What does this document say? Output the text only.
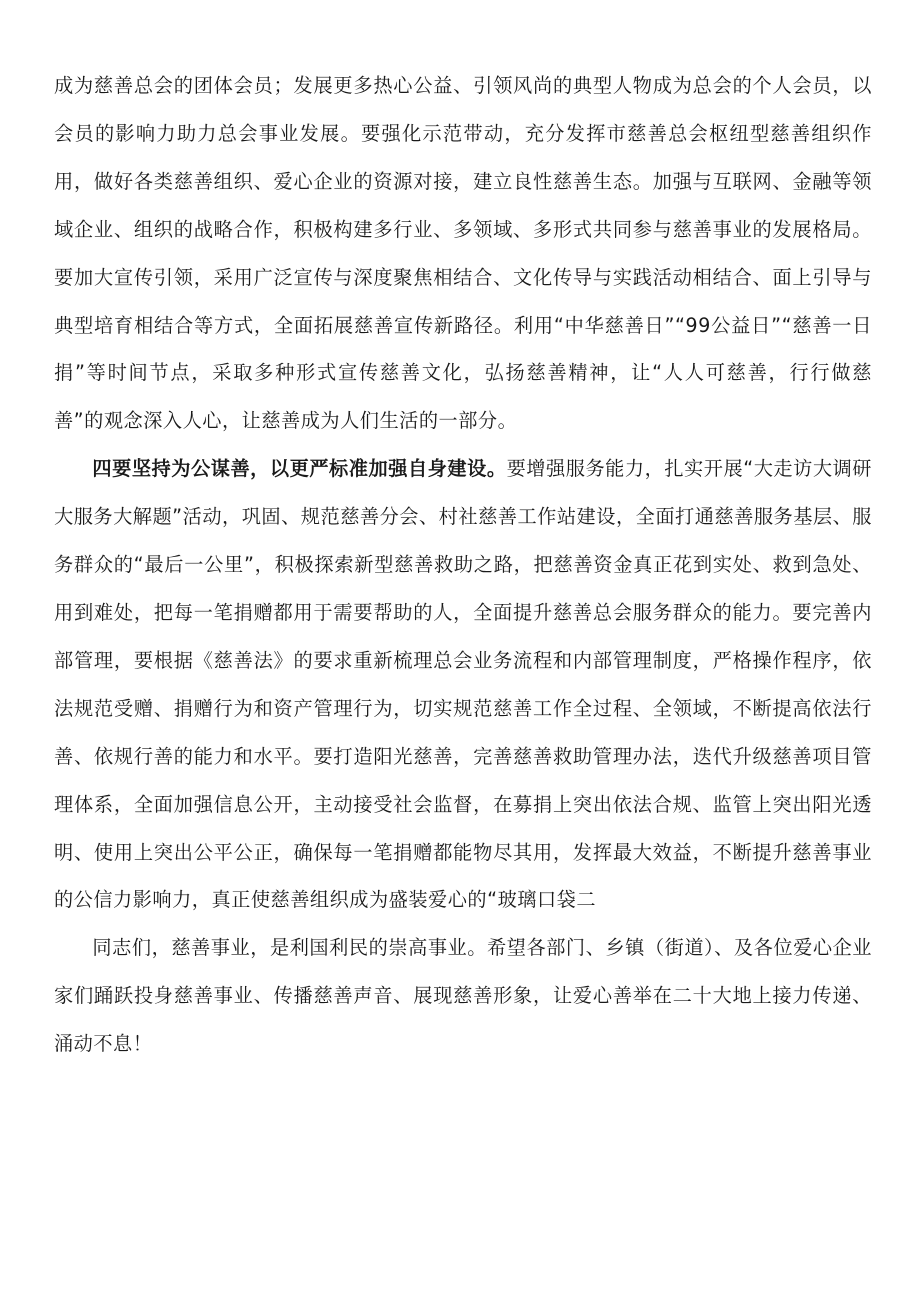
成为慈善总会的团体会员；发展更多热心公益、引领风尚的典型人物成为总会的个人会员，以会员的影响力助力总会事业发展。要强化示范带动，充分发挥市慈善总会枢纽型慈善组织作用，做好各类慈善组织、爱心企业的资源对接，建立良性慈善生态。加强与互联网、金融等领域企业、组织的战略合作，积极构建多行业、多领域、多形式共同参与慈善事业的发展格局。要加大宣传引领，采用广泛宣传与深度聚焦相结合、文化传导与实践活动相结合、面上引导与典型培育相结合等方式，全面拓展慈善宣传新路径。利用“中华慈善日”“99公益日”“慈善一日捐”等时间节点，采取多种形式宣传慈善文化，弘扬慈善精神，让“人人可慈善，行行做慈善”的观念深入人心，让慈善成为人们生活的一部分。

四要坚持为公谋善，以更严标准加强自身建设。要增强服务能力，扎实开展“大走访大调研大服务大解题”活动，巩固、规范慈善分会、村社慈善工作站建设，全面打通慈善服务基层、服务群众的“最后一公里”，积极探索新型慈善救助之路，把慈善资金真正花到实处、救到急处、用到难处，把每一笔捐赠都用于需要帮助的人，全面提升慈善总会服务群众的能力。要完善内部管理，要根据《慈善法》的要求重新梳理总会业务流程和内部管理制度，严格操作程序，依法规范受赠、捐赠行为和资产管理行为，切实规范慈善工作全过程、全领域，不断提高依法行善、依规行善的能力和水平。要打造阳光慈善，完善慈善救助管理办法，迭代升级慈善项目管理体系，全面加强信息公开，主动接受社会监督，在募捐上突出依法合规、监管上突出阳光透明、使用上突出公平公正，确保每一笔捐赠都能物尽其用，发挥最大效益，不断提升慈善事业的公信力影响力，真正使慈善组织成为盛装爱心的“玻璃口袋二

同志们，慈善事业，是利国利民的崇高事业。希望各部门、乡镇（街道）、及各位爱心企业家们踊跃投身慈善事业、传播慈善声音、展现慈善形象，让爱心善举在二十大地上接力传递、涌动不息！
